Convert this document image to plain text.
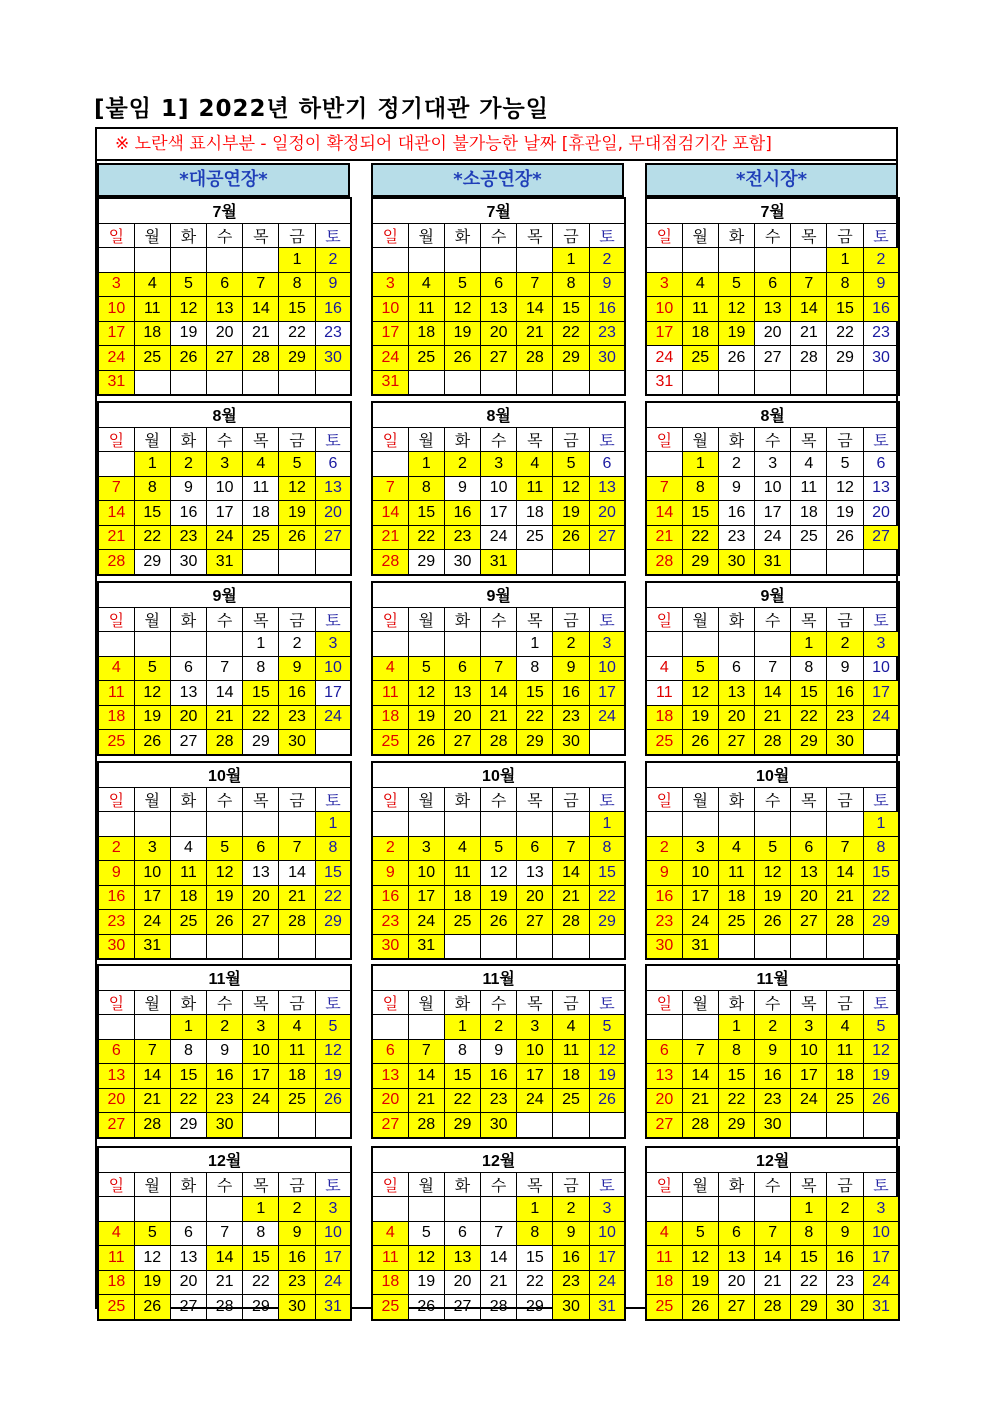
[붙임 1] 2022년 하반기 정기대관 가능일
※ 노란색 표시부분 - 일정이 확정되어 대관이 불가능한 날짜 [휴관일, 무대점검기간 포함]
*대공연장*	*소공연장*	*전시장*
7월						
일	월	화	수	목	금	토
					1	2
3	4	5	6	7	8	9
10	11	12	13	14	15	16
17	18	19	20	21	22	23
24	25	26	27	28	29	30
31						
8월						
일	월	화	수	목	금	토
	1	2	3	4	5	6
7	8	9	10	11	12	13
14	15	16	17	18	19	20
21	22	23	24	25	26	27
28	29	30	31			
9월						
일	월	화	수	목	금	토
				1	2	3
4	5	6	7	8	9	10
11	12	13	14	15	16	17
18	19	20	21	22	23	24
25	26	27	28	29	30	
10월						
일	월	화	수	목	금	토
						1
2	3	4	5	6	7	8
9	10	11	12	13	14	15
16	17	18	19	20	21	22
23	24	25	26	27	28	29
30	31					
11월						
일	월	화	수	목	금	토
		1	2	3	4	5
6	7	8	9	10	11	12
13	14	15	16	17	18	19
20	21	22	23	24	25	26
27	28	29	30			
12월						
일	월	화	수	목	금	토
				1	2	3
4	5	6	7	8	9	10
11	12	13	14	15	16	17
18	19	20	21	22	23	24
25	26	27	28	29	30	31
7월						
일	월	화	수	목	금	토
					1	2
3	4	5	6	7	8	9
10	11	12	13	14	15	16
17	18	19	20	21	22	23
24	25	26	27	28	29	30
31						
8월						
일	월	화	수	목	금	토
	1	2	3	4	5	6
7	8	9	10	11	12	13
14	15	16	17	18	19	20
21	22	23	24	25	26	27
28	29	30	31			
9월						
일	월	화	수	목	금	토
				1	2	3
4	5	6	7	8	9	10
11	12	13	14	15	16	17
18	19	20	21	22	23	24
25	26	27	28	29	30	
10월						
일	월	화	수	목	금	토
						1
2	3	4	5	6	7	8
9	10	11	12	13	14	15
16	17	18	19	20	21	22
23	24	25	26	27	28	29
30	31					
11월						
일	월	화	수	목	금	토
		1	2	3	4	5
6	7	8	9	10	11	12
13	14	15	16	17	18	19
20	21	22	23	24	25	26
27	28	29	30			
12월						
일	월	화	수	목	금	토
				1	2	3
4	5	6	7	8	9	10
11	12	13	14	15	16	17
18	19	20	21	22	23	24
25	26	27	28	29	30	31
7월						
일	월	화	수	목	금	토
					1	2
3	4	5	6	7	8	9
10	11	12	13	14	15	16
17	18	19	20	21	22	23
24	25	26	27	28	29	30
31						
8월						
일	월	화	수	목	금	토
	1	2	3	4	5	6
7	8	9	10	11	12	13
14	15	16	17	18	19	20
21	22	23	24	25	26	27
28	29	30	31			
9월						
일	월	화	수	목	금	토
				1	2	3
4	5	6	7	8	9	10
11	12	13	14	15	16	17
18	19	20	21	22	23	24
25	26	27	28	29	30	
10월						
일	월	화	수	목	금	토
						1
2	3	4	5	6	7	8
9	10	11	12	13	14	15
16	17	18	19	20	21	22
23	24	25	26	27	28	29
30	31					
11월						
일	월	화	수	목	금	토
		1	2	3	4	5
6	7	8	9	10	11	12
13	14	15	16	17	18	19
20	21	22	23	24	25	26
27	28	29	30			
12월						
일	월	화	수	목	금	토
				1	2	3
4	5	6	7	8	9	10
11	12	13	14	15	16	17
18	19	20	21	22	23	24
25	26	27	28	29	30	31
